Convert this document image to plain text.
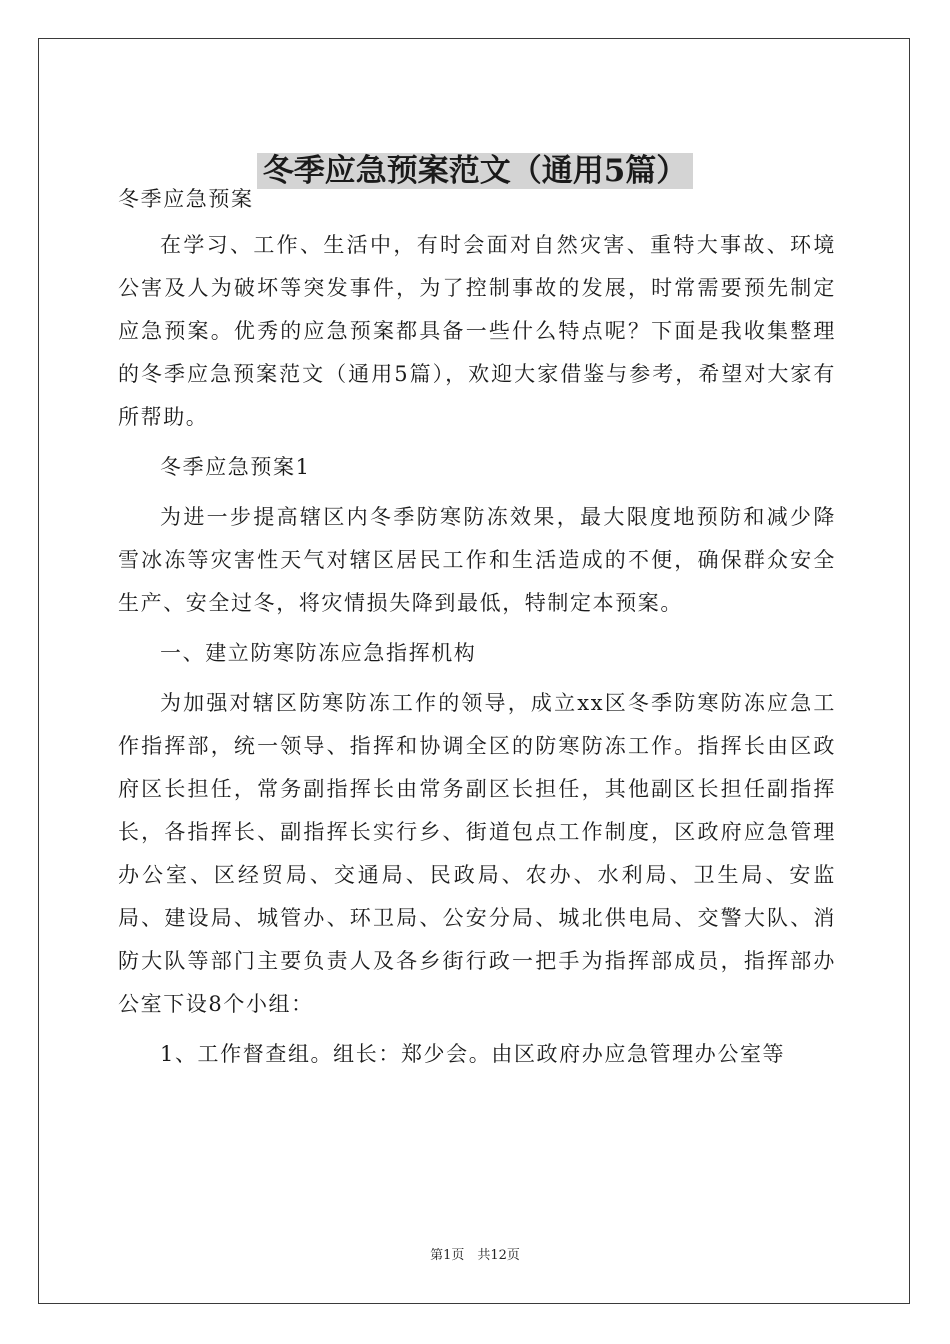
冬季应急预案范文（通用5篇）

冬季应急预案

在学习、工作、生活中，有时会面对自然灾害、重特大事故、环境公害及人为破坏等突发事件，为了控制事故的发展，时常需要预先制定应急预案。优秀的应急预案都具备一些什么特点呢？下面是我收集整理的冬季应急预案范文（通用5篇），欢迎大家借鉴与参考，希望对大家有所帮助。

冬季应急预案1

为进一步提高辖区内冬季防寒防冻效果，最大限度地预防和减少降雪冰冻等灾害性天气对辖区居民工作和生活造成的不便，确保群众安全生产、安全过冬，将灾情损失降到最低，特制定本预案。

一、建立防寒防冻应急指挥机构

为加强对辖区防寒防冻工作的领导，成立xx区冬季防寒防冻应急工作指挥部，统一领导、指挥和协调全区的防寒防冻工作。指挥长由区政府区长担任，常务副指挥长由常务副区长担任，其他副区长担任副指挥长，各指挥长、副指挥长实行乡、街道包点工作制度，区政府应急管理办公室、区经贸局、交通局、民政局、农办、水利局、卫生局、安监局、建设局、城管办、环卫局、公安分局、城北供电局、交警大队、消防大队等部门主要负责人及各乡街行政一把手为指挥部成员，指挥部办公室下设8个小组：

1、工作督查组。组长：郑少会。由区政府办应急管理办公室等

第1页　共12页
